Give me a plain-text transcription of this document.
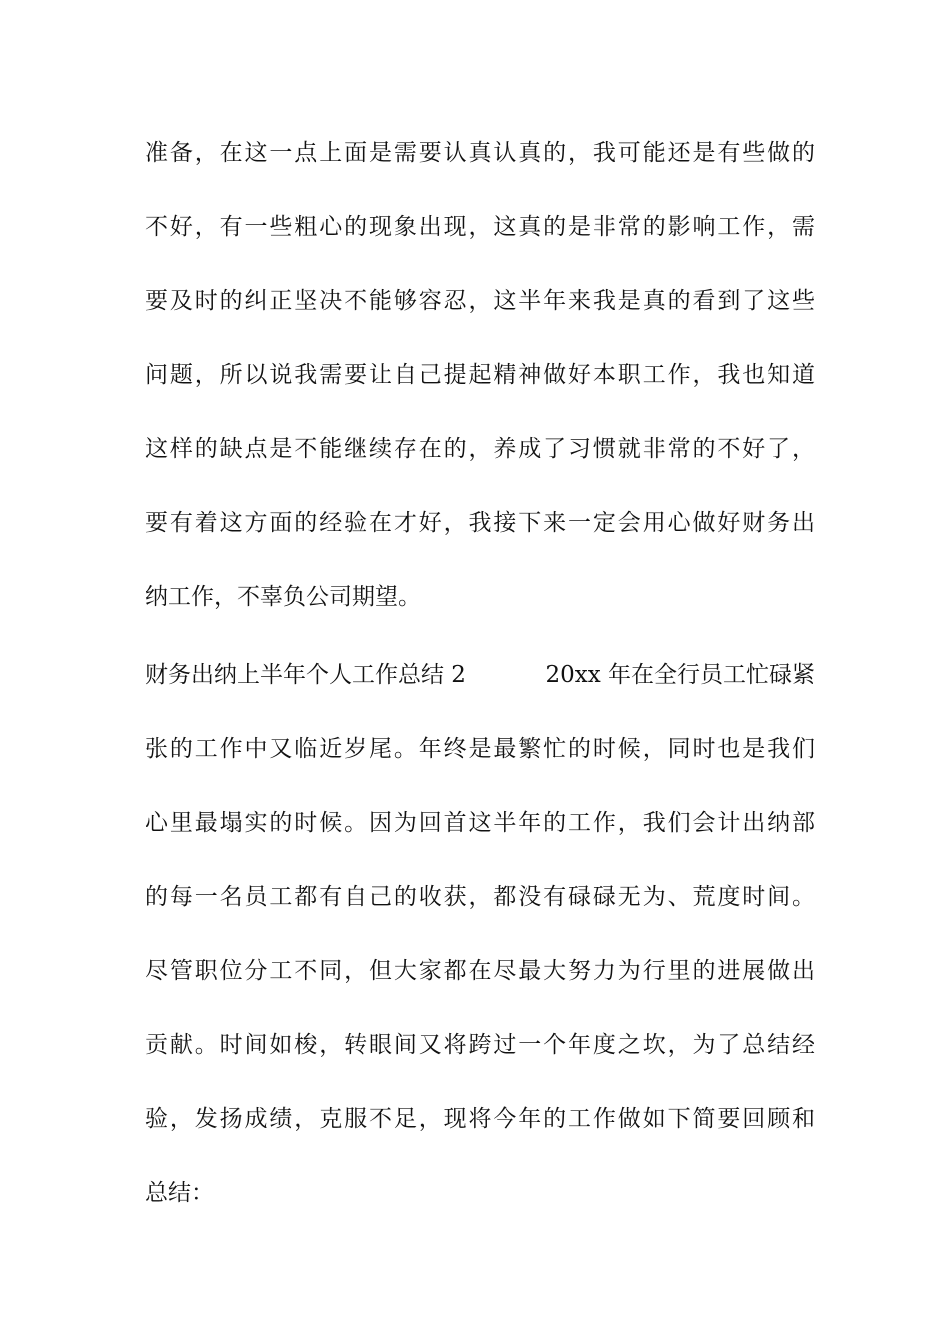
准备，在这一点上面是需要认真认真的，我可能还是有些做的
不好，有一些粗心的现象出现，这真的是非常的影响工作，需
要及时的纠正坚决不能够容忍，这半年来我是真的看到了这些
问题，所以说我需要让自己提起精神做好本职工作，我也知道
这样的缺点是不能继续存在的，养成了习惯就非常的不好了，
要有着这方面的经验在才好，我接下来一定会用心做好财务出
纳工作，不辜负公司期望。
财务出纳上半年个人工作总结 2	20xx 年在全行员工忙碌紧
张的工作中又临近岁尾。年终是最繁忙的时候，同时也是我们
心里最塌实的时候。因为回首这半年的工作，我们会计出纳部
的每一名员工都有自己的收获，都没有碌碌无为、荒度时间。
尽管职位分工不同，但大家都在尽最大努力为行里的进展做出
贡献。时间如梭，转眼间又将跨过一个年度之坎，为了总结经
验，发扬成绩，克服不足，现将今年的工作做如下简要回顾和
总结：
